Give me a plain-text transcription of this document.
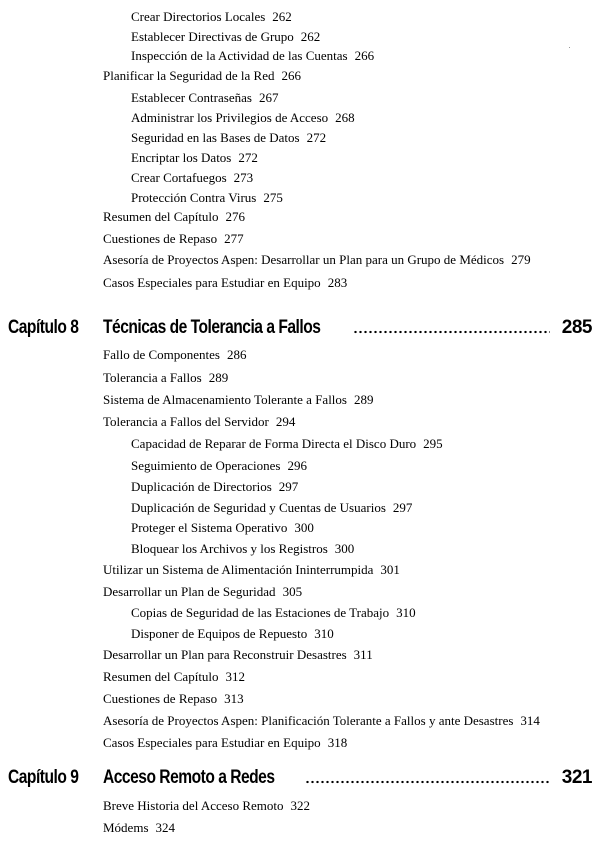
Crear Directorios Locales 262
Establecer Directivas de Grupo 262
Inspección de la Actividad de las Cuentas 266
Planificar la Seguridad de la Red 266
Establecer Contraseñas 267
Administrar los Privilegios de Acceso 268
Seguridad en las Bases de Datos 272
Encriptar los Datos 272
Crear Cortafuegos 273
Protección Contra Virus 275
Resumen del Capítulo 276
Cuestiones de Repaso 277
Asesoría de Proyectos Aspen: Desarrollar un Plan para un Grupo de Médicos 279
Casos Especiales para Estudiar en Equipo 283
Capítulo 8 Técnicas de Tolerancia a Fallos	285
Fallo de Componentes 286
Tolerancia a Fallos 289
Sistema de Almacenamiento Tolerante a Fallos 289
Tolerancia a Fallos del Servidor 294
Capacidad de Reparar de Forma Directa el Disco Duro 295
Seguimiento de Operaciones 296
Duplicación de Directorios 297
Duplicación de Seguridad y Cuentas de Usuarios 297
Proteger el Sistema Operativo 300
Bloquear los Archivos y los Registros 300
Utilizar un Sistema de Alimentación Ininterrumpida 301
Desarrollar un Plan de Seguridad 305
Copias de Seguridad de las Estaciones de Trabajo 310
Disponer de Equipos de Repuesto 310
Desarrollar un Plan para Reconstruir Desastres 311
Resumen del Capítulo 312
Cuestiones de Repaso 313
Asesoría de Proyectos Aspen: Planificación Tolerante a Fallos y ante Desastres 314
Casos Especiales para Estudiar en Equipo 318
Capítulo 9 Acceso Remoto a Redes	321
Breve Historia del Acceso Remoto 322
Módems 324
